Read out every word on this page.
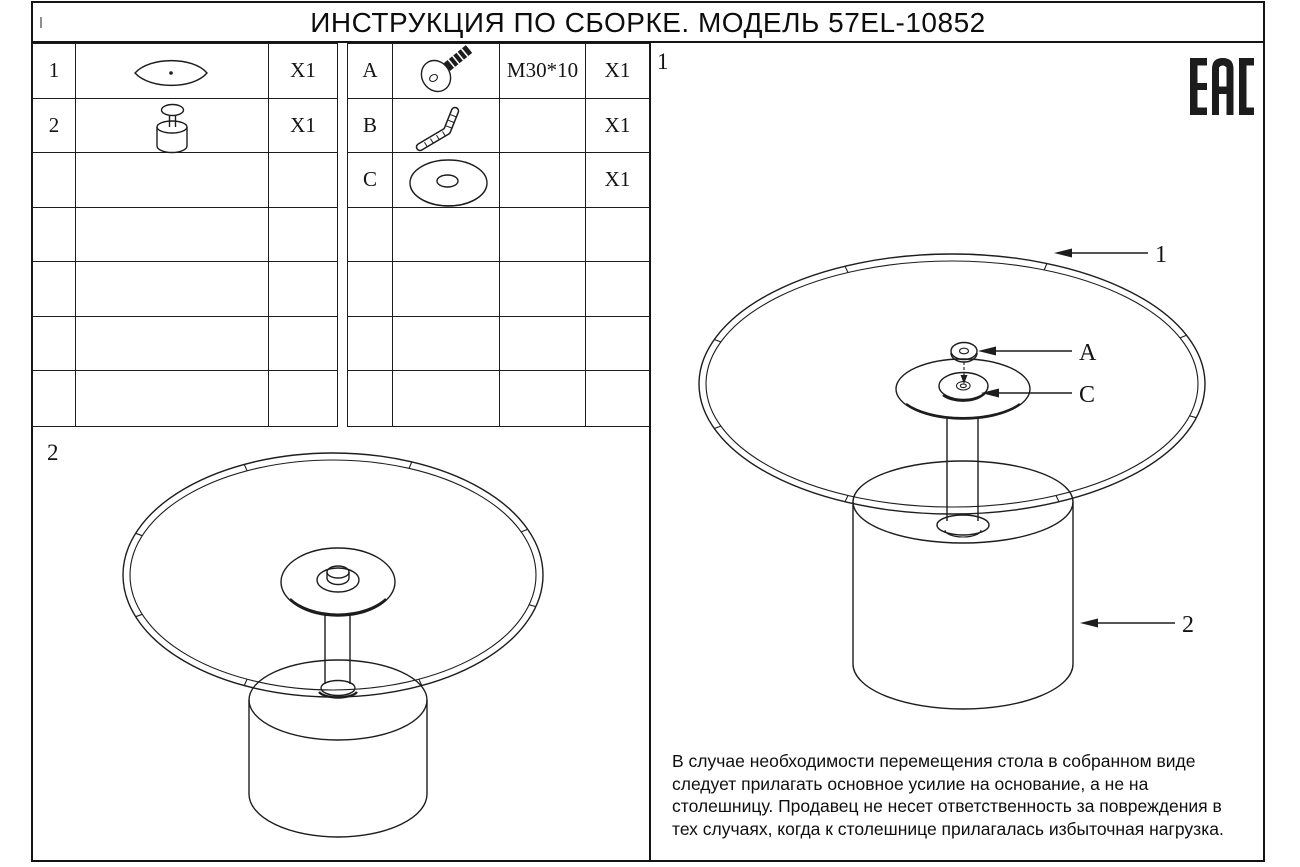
ИНСТРУКЦИЯ ПО СБОРКЕ. МОДЕЛЬ 57EL-10852
1	X1
2	X1
A	M30*10	X1
B	X1
C	X1
1
1
A
C
2
2
В случае необходимости перемещения стола в собранном виде
следует прилагать основное усилие на основание, а не на
столешницу. Продавец не несет ответственность за повреждения в
тех случаях, когда к столешнице прилагалась избыточная нагрузка.
